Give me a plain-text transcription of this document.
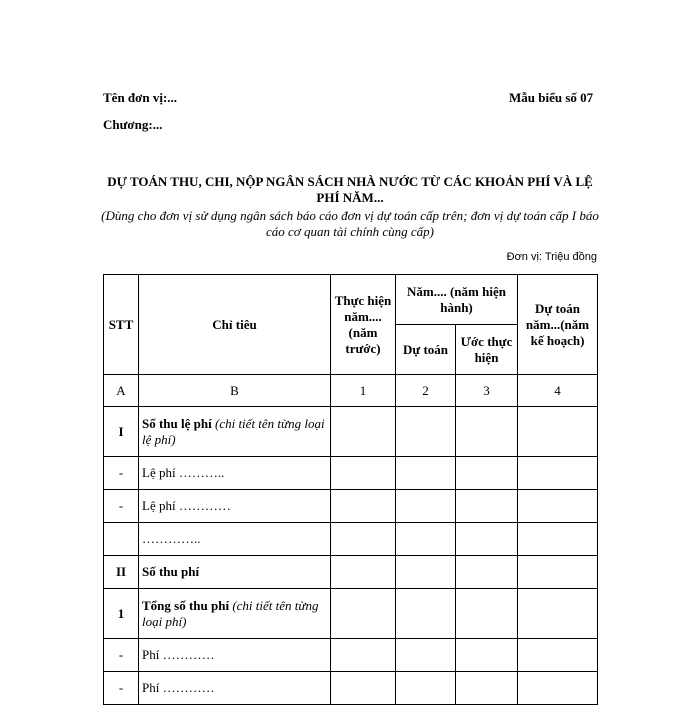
Tên đơn vị:...
Chương:...
Mẫu biểu số 07
DỰ TOÁN THU, CHI, NỘP NGÂN SÁCH NHÀ NƯỚC TỪ CÁC KHOẢN PHÍ VÀ LỆ PHÍ NĂM...
(Dùng cho đơn vị sử dụng ngân sách báo cáo đơn vị dự toán cấp trên; đơn vị dự toán cấp I báo cáo cơ quan tài chính cùng cấp)
Đơn vị: Triệu đồng
STT	Chỉ tiêu	Thực hiện năm.... (năm trước)	Năm.... (năm hiện hành)		Dự toán năm...(năm kế hoạch)
			Dự toán	Ước thực hiện	
A	B	1	2	3	4
I	Số thu lệ phí (chi tiết tên từng loại lệ phí)				
-	Lệ phí ………..				
-	Lệ phí …………				
	…………..				
II	Số thu phí				
1	Tổng số thu phí (chi tiết tên từng loại phí)				
-	Phí …………				
-	Phí …………				
